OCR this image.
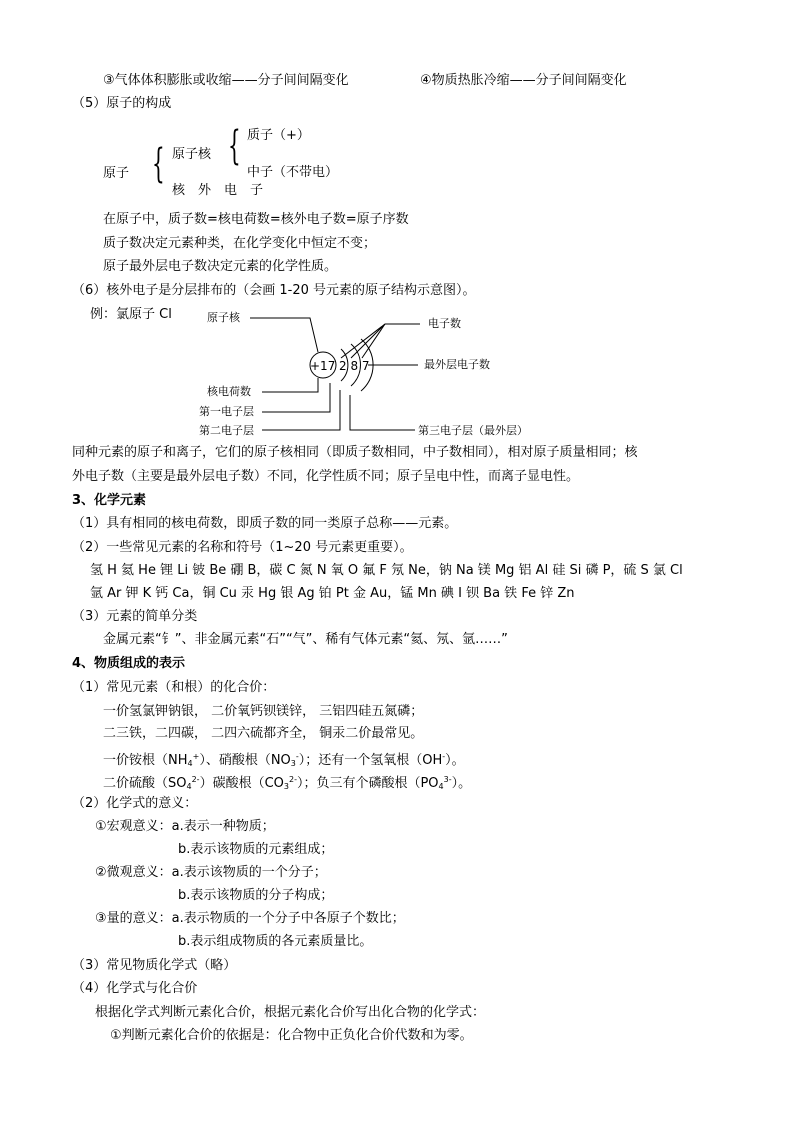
③气体体积膨胀或收缩——分子间间隔变化	④物质热胀冷缩——分子间间隔变化
（5）原子的构成
原子 { 原子核 { 质子（+）
中子（不带电）
核　外　电　子
在原子中，质子数=核电荷数=核外电子数=原子序数
质子数决定元素种类，在化学变化中恒定不变；
原子最外层电子数决定元素的化学性质。
（6）核外电子是分层排布的（会画 1-20 号元素的原子结构示意图）。
例：氯原子 Cl
+17 2 8 7
原子核	电子数
最外层电子数
核电荷数
第一电子层
第二电子层	第三电子层（最外层）
同种元素的原子和离子，它们的原子核相同（即质子数相同，中子数相同），相对原子质量相同；核
外电子数（主要是最外层电子数）不同，化学性质不同；原子呈电中性，而离子显电性。
3、化学元素
（1）具有相同的核电荷数，即质子数的同一类原子总称——元素。
（2）一些常见元素的名称和符号（1~20 号元素更重要）。
氢 H 氦 He 锂 Li 铍 Be 硼 B，碳 C 氮 N 氧 O 氟 F 氖 Ne，钠 Na 镁 Mg 铝 Al 硅 Si 磷 P，硫 S 氯 Cl
氩 Ar 钾 K 钙 Ca，铜 Cu 汞 Hg 银 Ag 铂 Pt 金 Au，锰 Mn 碘 I 钡 Ba 铁 Fe 锌 Zn
（3）元素的简单分类
金属元素“钅”、非金属元素“石”“气”、稀有气体元素“氦、氖、氩……”
4、物质组成的表示
（1）常见元素（和根）的化合价：
一价氢氯钾钠银， 二价氧钙钡镁锌， 三铝四硅五氮磷；
二三铁，二四碳， 二四六硫都齐全， 铜汞二价最常见。
一价铵根$(NH_4^+)$、硝酸根$(NO_3^-)$；还有一个氢氧根（OH-）。
二价硫酸$(SO_4^{2-})$碳酸根$(CO_3^{2-})$；负三有个磷酸根$(PO_4^{3-})$。
（2）化学式的意义：
①宏观意义：a.表示一种物质；
b.表示该物质的元素组成；
②微观意义：a.表示该物质的一个分子；
b.表示该物质的分子构成；
③量的意义：a.表示物质的一个分子中各原子个数比；
b.表示组成物质的各元素质量比。
（3）常见物质化学式（略）
（4）化学式与化合价
根据化学式判断元素化合价，根据元素化合价写出化合物的化学式：
①判断元素化合价的依据是：化合物中正负化合价代数和为零。
